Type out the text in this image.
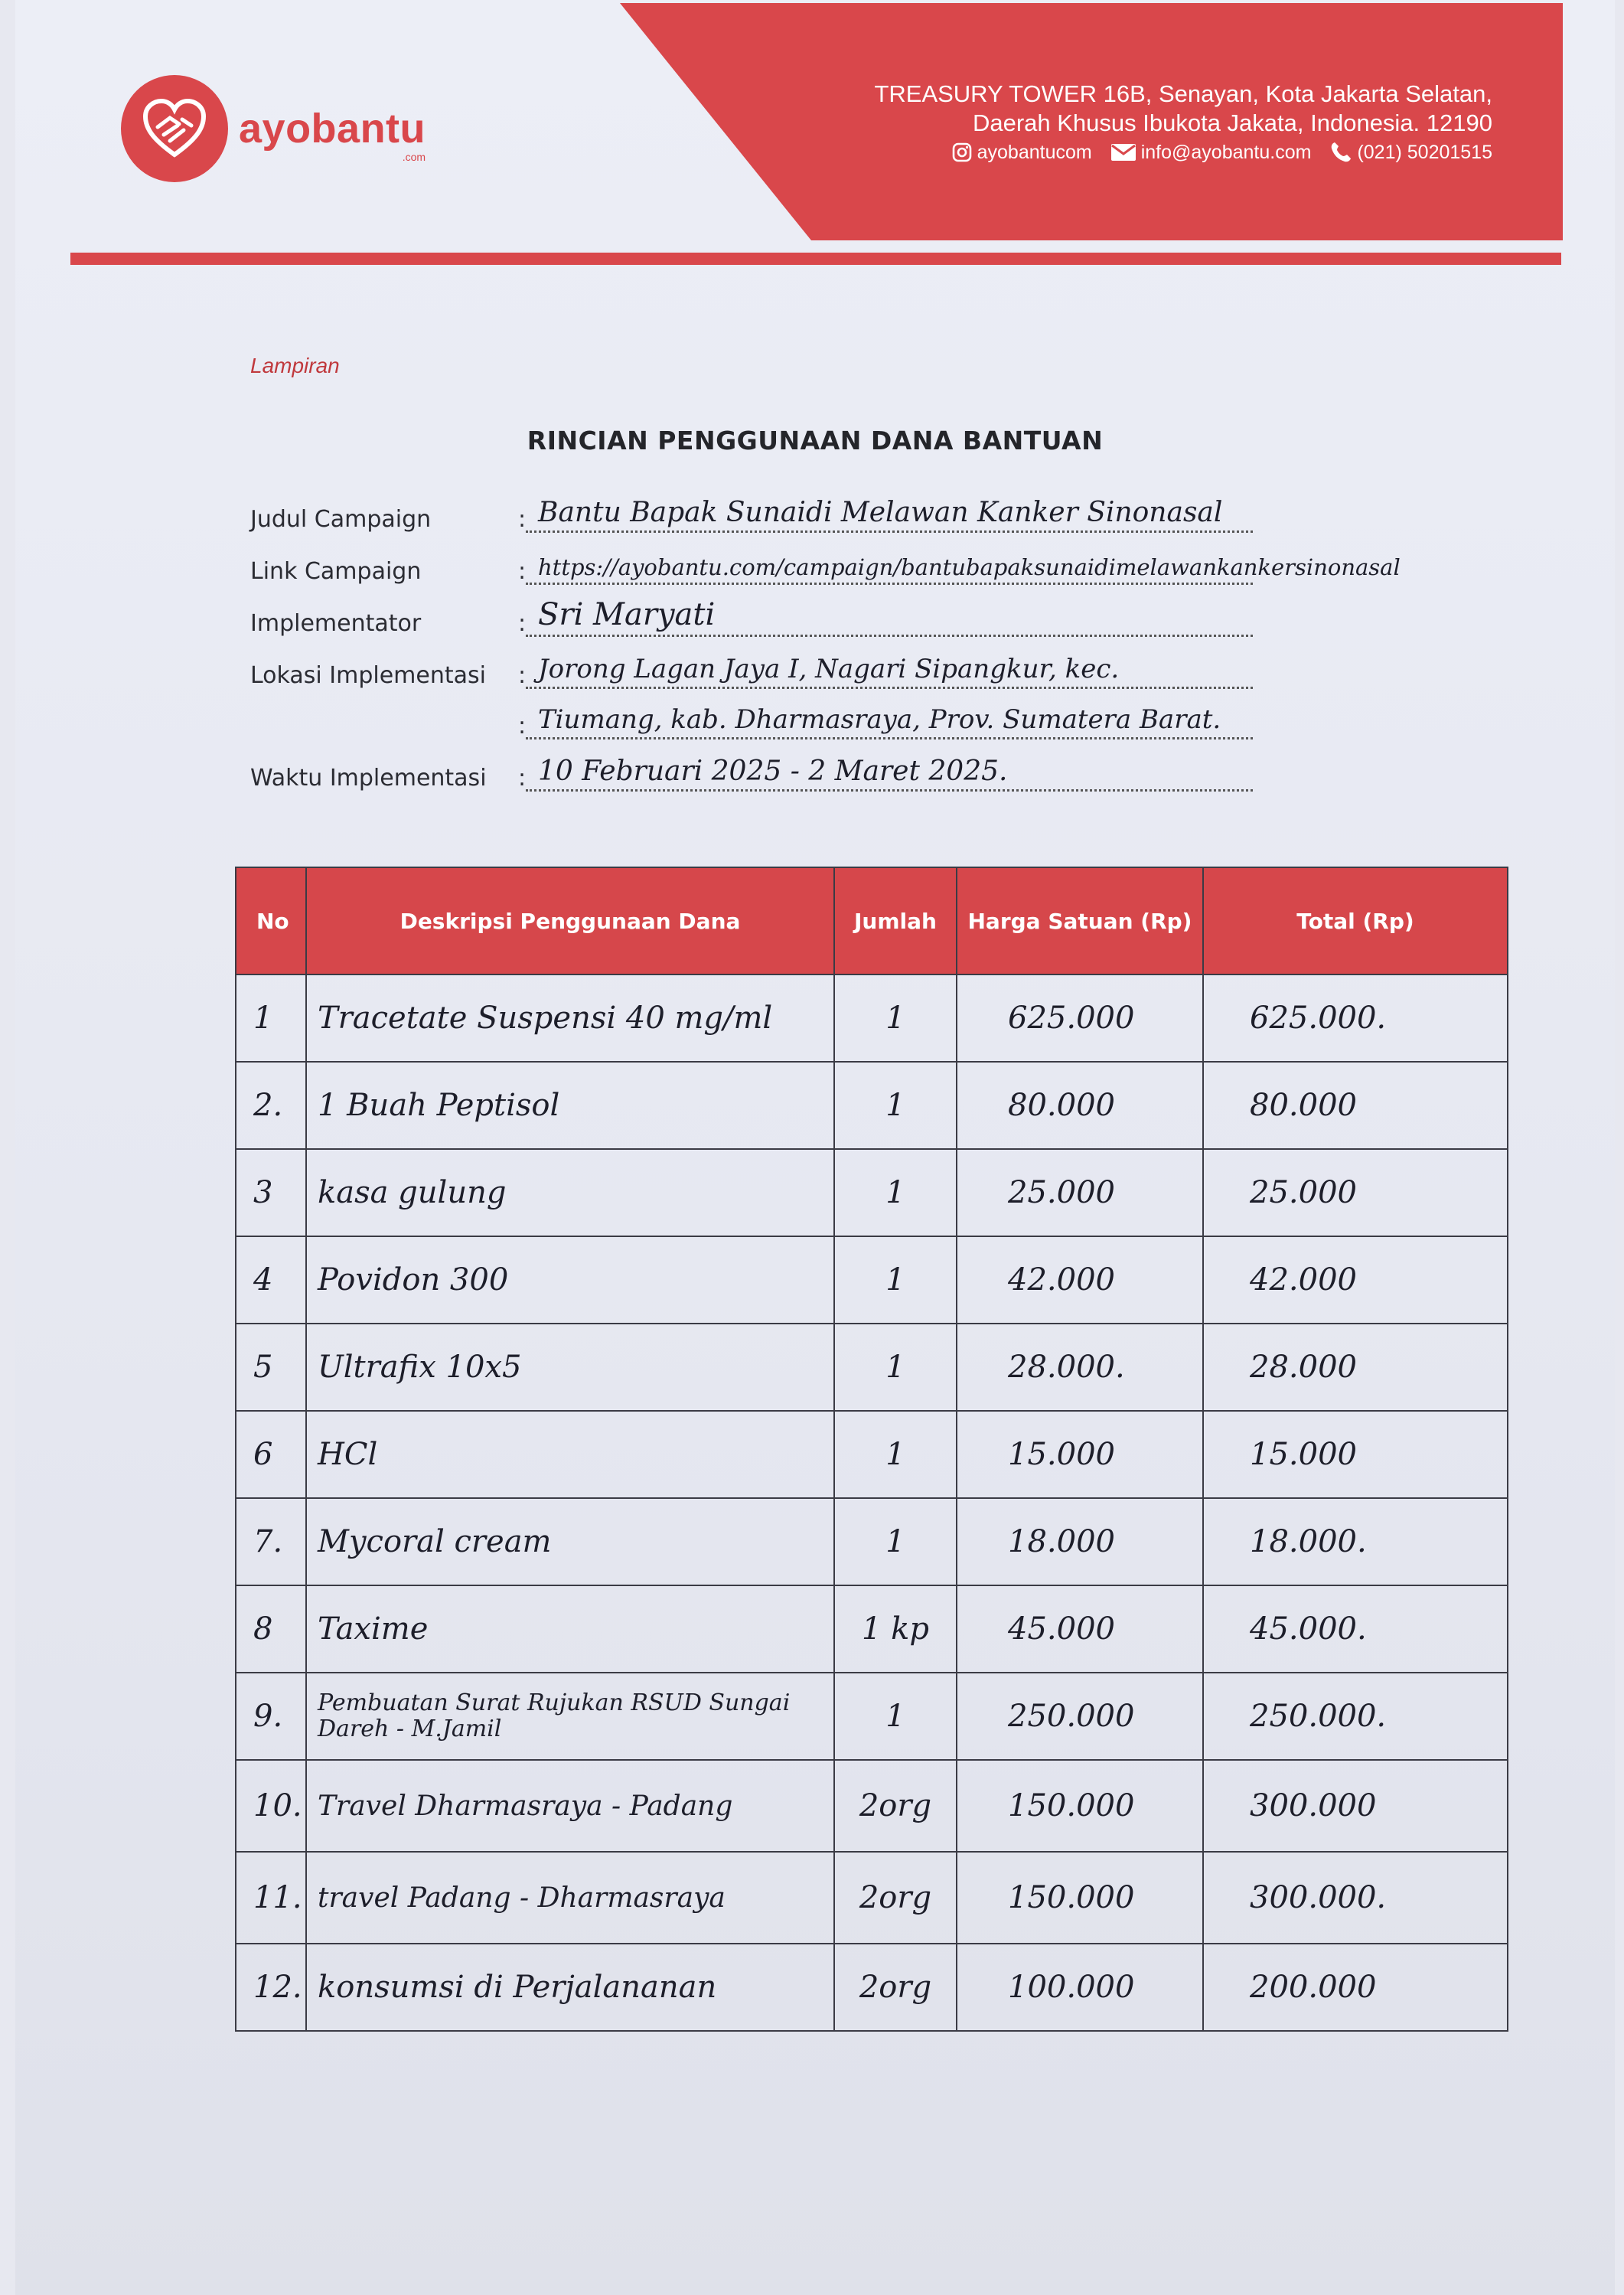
ayobantu
.com
TREASURY TOWER 16B, Senayan, Kota Jakarta Selatan,
Daerah Khusus Ibukota Jakata, Indonesia. 12190
ayobantucom	info@ayobantu.com (021) 50201515
Lampiran
RINCIAN PENGGUNAAN DANA BANTUAN
Judul Campaign	: Bantu Bapak Sunaidi Melawan Kanker Sinonasal
Link Campaign	: https://ayobantu.com/campaign/bantubapaksunaidimelawankankersinonasal
Implementator	: Sri Maryati
Lokasi Implementasi : Jorong Lagan Jaya I, Nagari Sipangkur, kec.
: Tiumang, kab. Dharmasraya, Prov. Sumatera Barat.
Waktu Implementasi : 10 Februari 2025 - 2 Maret 2025.
No	Deskripsi Penggunaan Dana	Jumlah	Harga Satuan (Rp)	Total (Rp)
1	Tracetate Suspensi 40 mg/ml	1	625.000	625.000.
2.	1 Buah Peptisol	1	80.000	80.000
3	kasa gulung	1	25.000	25.000
4	Povidon 300	1	42.000	42.000
5	Ultrafix 10x5	1	28.000.	28.000
6	HCl	1	15.000	15.000
7.	Mycoral cream	1	18.000	18.000.
8	Taxime	1 kp	45.000	45.000.
9.	Pembuatan Surat Rujukan RSUD Sungai Dareh - M.Jamil	1	250.000	250.000.
10.	Travel Dharmasraya - Padang	2org	150.000	300.000
11.	travel Padang - Dharmasraya	2org	150.000	300.000.
12.	konsumsi di Perjalananan	2org	100.000	200.000
